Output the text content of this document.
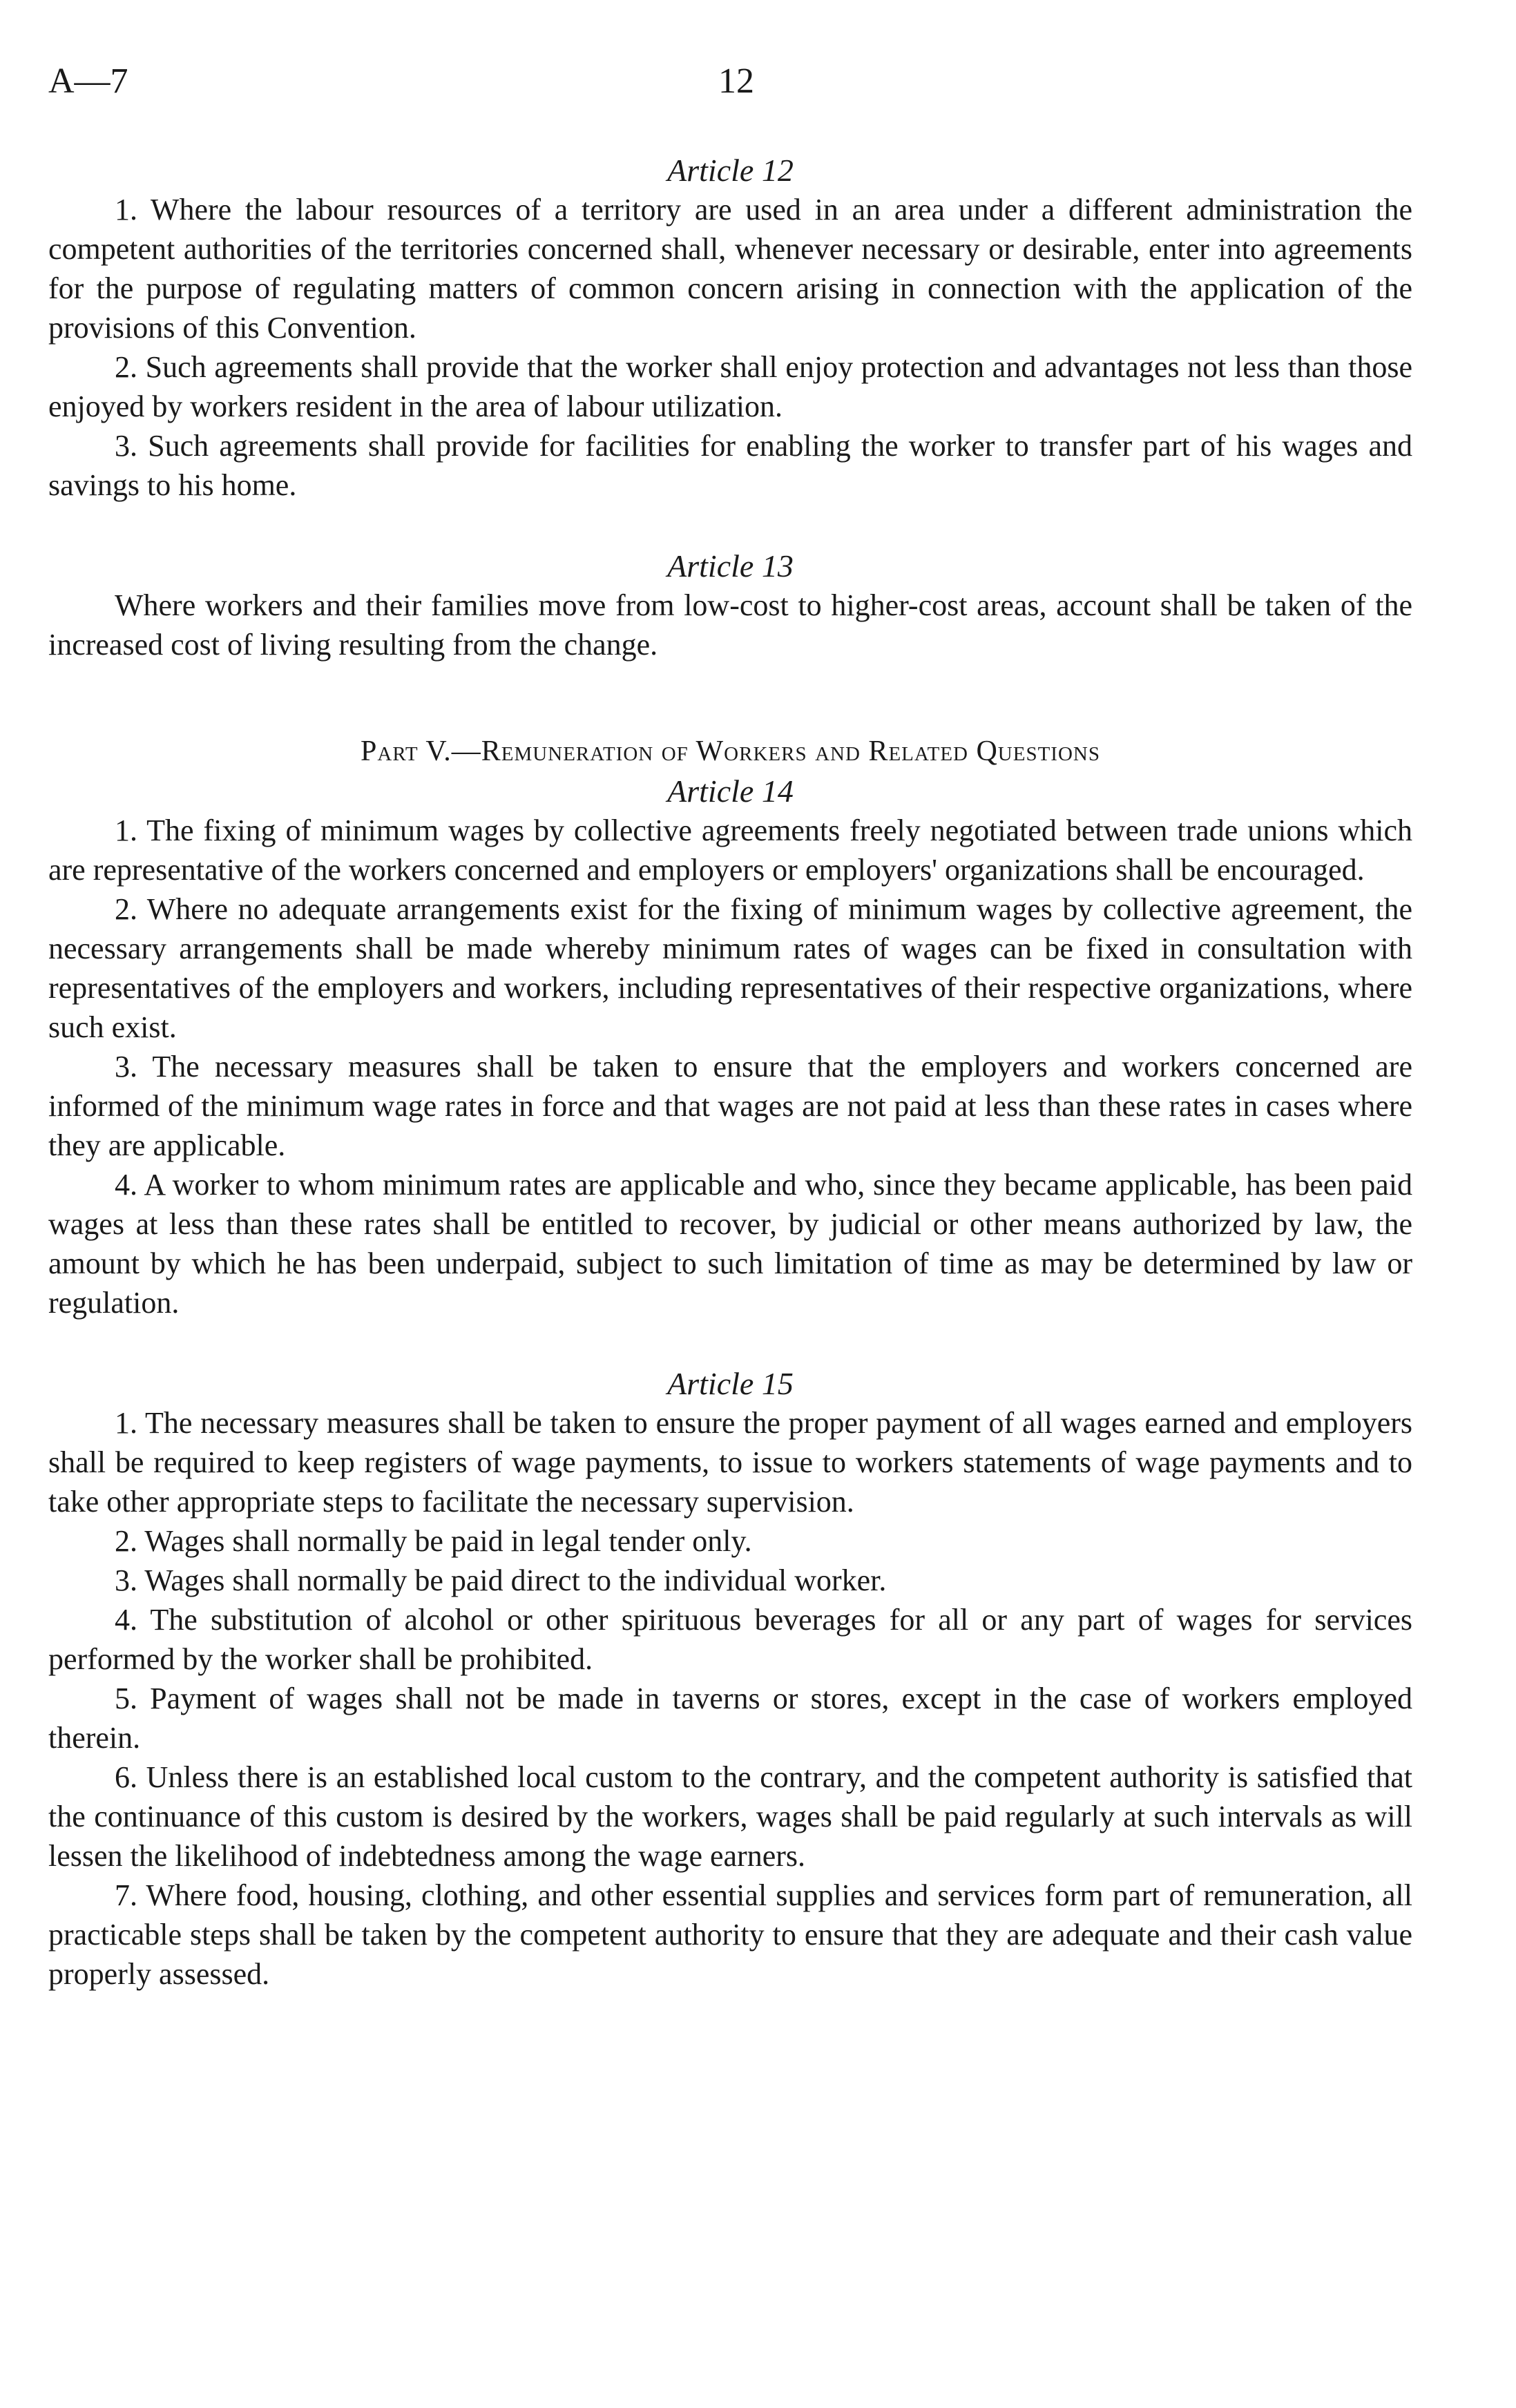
A—7	12

Article 12

1. Where the labour resources of a territory are used in an area under a different administration the competent authorities of the territories concerned shall, whenever necessary or desirable, enter into agreements for the purpose of regulating matters of common concern arising in connection with the application of the provisions of this Convention.

2. Such agreements shall provide that the worker shall enjoy protection and advantages not less than those enjoyed by workers resident in the area of labour utilization.

3. Such agreements shall provide for facilities for enabling the worker to transfer part of his wages and savings to his home.

Article 13

Where workers and their families move from low-cost to higher-cost areas, account shall be taken of the increased cost of living resulting from the change.

Part V.—Remuneration of Workers and Related Questions

Article 14

1. The fixing of minimum wages by collective agreements freely negotiated between trade unions which are representative of the workers concerned and employers or employers' organizations shall be encouraged.

2. Where no adequate arrangements exist for the fixing of minimum wages by collective agreement, the necessary arrangements shall be made whereby minimum rates of wages can be fixed in consultation with representatives of the employers and workers, including representatives of their respective organizations, where such exist.

3. The necessary measures shall be taken to ensure that the employers and workers concerned are informed of the minimum wage rates in force and that wages are not paid at less than these rates in cases where they are applicable.

4. A worker to whom minimum rates are applicable and who, since they became applicable, has been paid wages at less than these rates shall be entitled to recover, by judicial or other means authorized by law, the amount by which he has been underpaid, subject to such limitation of time as may be determined by law or regulation.

Article 15

1. The necessary measures shall be taken to ensure the proper payment of all wages earned and employers shall be required to keep registers of wage payments, to issue to workers statements of wage payments and to take other appropriate steps to facilitate the necessary supervision.

2. Wages shall normally be paid in legal tender only.

3. Wages shall normally be paid direct to the individual worker.

4. The substitution of alcohol or other spirituous beverages for all or any part of wages for services performed by the worker shall be prohibited.

5. Payment of wages shall not be made in taverns or stores, except in the case of workers employed therein.

6. Unless there is an established local custom to the contrary, and the competent authority is satisfied that the continuance of this custom is desired by the workers, wages shall be paid regularly at such intervals as will lessen the likelihood of indebtedness among the wage earners.

7. Where food, housing, clothing, and other essential supplies and services form part of remuneration, all practicable steps shall be taken by the competent authority to ensure that they are adequate and their cash value properly assessed.
